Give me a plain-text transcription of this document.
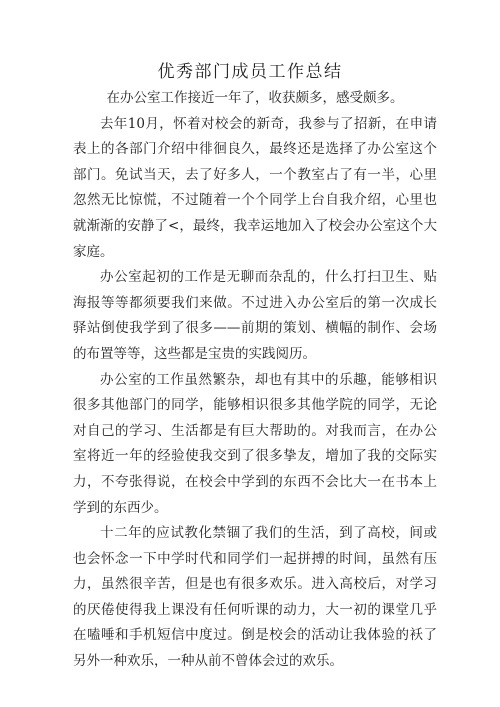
优秀部门成员工作总结

在办公室工作接近一年了，收获颇多，感受颇多。

去年10月，怀着对校会的新奇，我参与了招新，在申请表上的各部门介绍中徘徊良久，最终还是选择了办公室这个部门。免试当天，去了好多人，一个教室占了有一半，心里忽然无比惊慌，不过随着一个个同学上台自我介绍，心里也就渐渐的安静了<，最终，我幸运地加入了校会办公室这个大家庭。

办公室起初的工作是无聊而杂乱的，什么打扫卫生、贴海报等等都须要我们来做。不过进入办公室后的第一次成长驿站倒使我学到了很多——前期的策划、横幅的制作、会场的布置等等，这些都是宝贵的实践阅历。

办公室的工作虽然繁杂，却也有其中的乐趣，能够相识很多其他部门的同学，能够相识很多其他学院的同学，无论对自己的学习、生活都是有巨大帮助的。对我而言，在办公室将近一年的经验使我交到了很多挚友，增加了我的交际实力，不夸张得说，在校会中学到的东西不会比大一在书本上学到的东西少。

十二年的应试教化禁锢了我们的生活，到了高校，间或也会怀念一下中学时代和同学们一起拼搏的时间，虽然有压力，虽然很辛苦，但是也有很多欢乐。进入高校后，对学习的厌倦使得我上课没有任何听课的动力，大一初的课堂几乎在嗑唾和手机短信中度过。倒是校会的活动让我体验的袄了另外一种欢乐，一种从前不曾体会过的欢乐。
